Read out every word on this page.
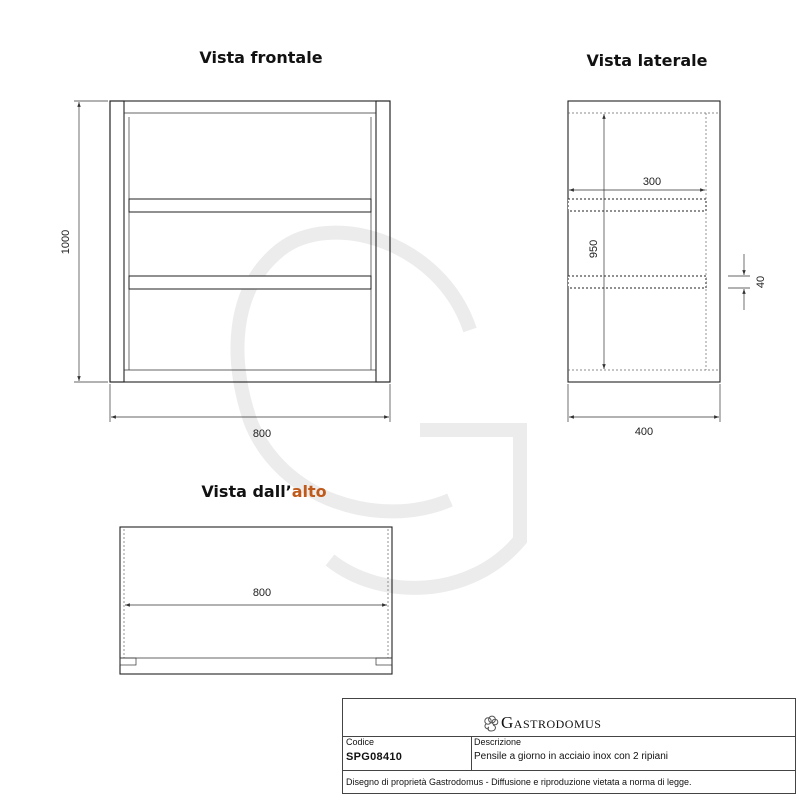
Vista frontale
1000
800
Vista laterale
300
950
40
400
Vista dall’alto
800
Gastrodomus
Codice
SPG08410
Descrizione
Pensile a giorno in acciaio inox con 2 ripiani
Disegno di proprietà Gastrodomus - Diffusione e riproduzione vietata a norma di legge.
